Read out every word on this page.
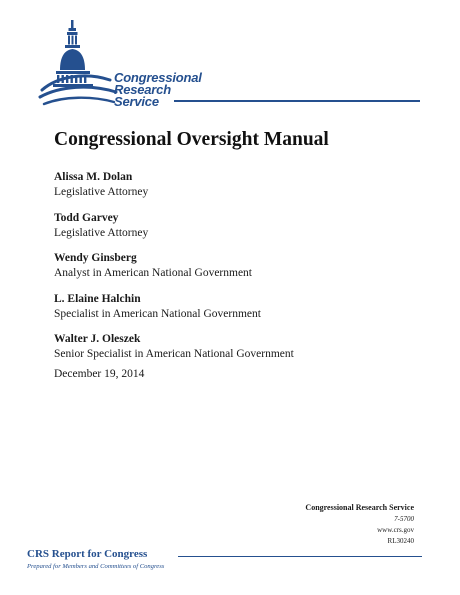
Congressional
Research
Service
Congressional Oversight Manual
Alissa M. Dolan
Legislative Attorney
Todd Garvey
Legislative Attorney
Wendy Ginsberg
Analyst in American National Government
L. Elaine Halchin
Specialist in American National Government
Walter J. Oleszek
Senior Specialist in American National Government
December 19, 2014
Congressional Research Service
7-5700
www.crs.gov
RL30240
CRS Report for Congress
Prepared for Members and Committees of Congress
